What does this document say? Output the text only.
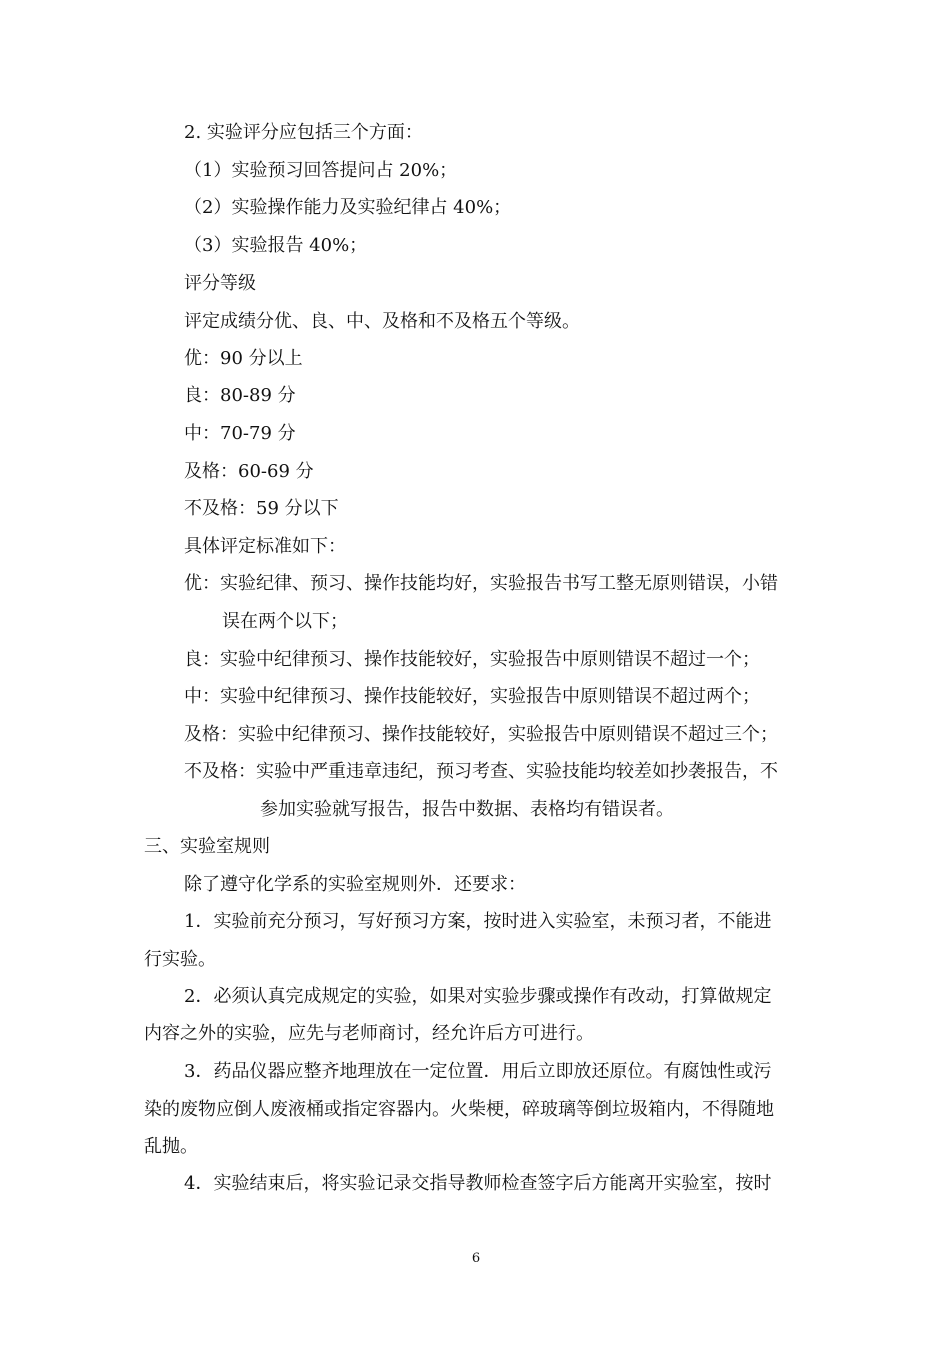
2. 实验评分应包括三个方面：
（1）实验预习回答提问占 20%；
（2）实验操作能力及实验纪律占 40%；
（3）实验报告 40%；
评分等级
评定成绩分优、良、中、及格和不及格五个等级。
优：90 分以上
良：80-89 分
中：70-79 分
及格：60-69 分
不及格：59 分以下
具体评定标准如下：
优：实验纪律、预习、操作技能均好，实验报告书写工整无原则错误，小错
误在两个以下；
良：实验中纪律预习、操作技能较好，实验报告中原则错误不超过一个；
中：实验中纪律预习、操作技能较好，实验报告中原则错误不超过两个；
及格：实验中纪律预习、操作技能较好，实验报告中原则错误不超过三个；
不及格：实验中严重违章违纪，预习考查、实验技能均较差如抄袭报告，不
参加实验就写报告，报告中数据、表格均有错误者。
三、实验室规则
除了遵守化学系的实验室规则外．还要求：
1．实验前充分预习，写好预习方案，按时进入实验室，未预习者，不能进
行实验。
2．必须认真完成规定的实验，如果对实验步骤或操作有改动，打算做规定
内容之外的实验，应先与老师商讨，经允许后方可进行。
3．药品仪器应整齐地理放在一定位置．用后立即放还原位。有腐蚀性或污
染的废物应倒人废液桶或指定容器内。火柴梗，碎玻璃等倒垃圾箱内，不得随地
乱抛。
4．实验结束后，将实验记录交指导教师检查签字后方能离开实验室，按时
6
